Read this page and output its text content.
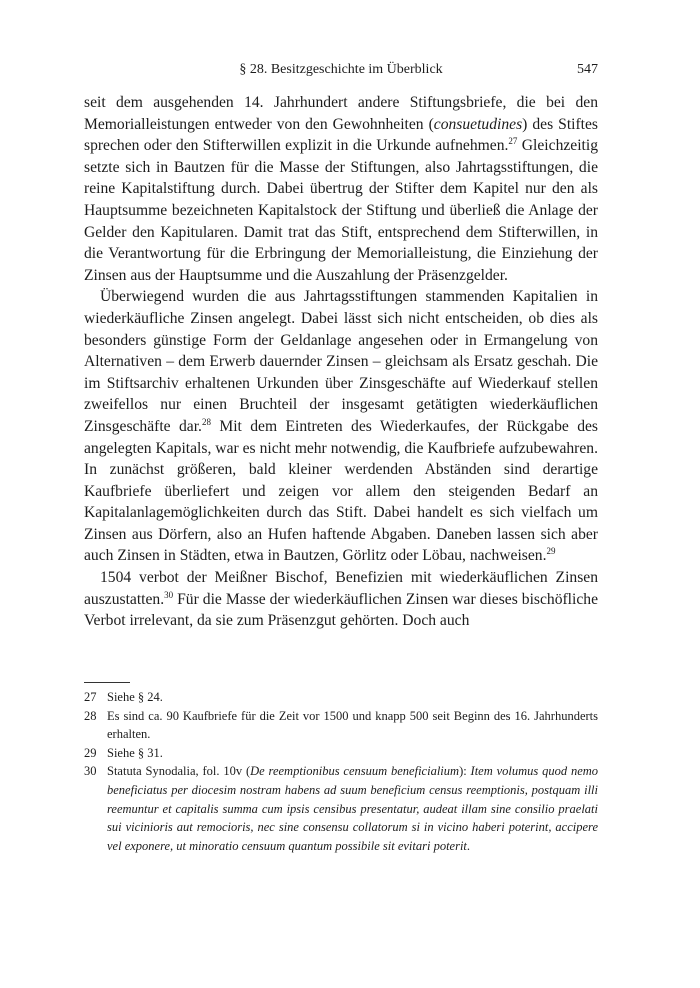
§ 28. Besitzgeschichte im Überblick	547

seit dem ausgehenden 14. Jahrhundert andere Stiftungsbriefe, die bei den Memorialleistungen entweder von den Gewohnheiten (consuetudines) des Stiftes sprechen oder den Stifterwillen explizit in die Urkunde aufnehmen.$^{27}$ Gleichzeitig setzte sich in Bautzen für die Masse der Stiftungen, also Jahrtagsstiftungen, die reine Kapitalstiftung durch. Dabei übertrug der Stifter dem Kapitel nur den als Hauptsumme bezeichneten Kapitalstock der Stiftung und überließ die Anlage der Gelder den Kapitularen. Damit trat das Stift, entsprechend dem Stifterwillen, in die Verantwortung für die Erbringung der Memorialleistung, die Einziehung der Zinsen aus der Hauptsumme und die Auszahlung der Präsenzgelder.

Überwiegend wurden die aus Jahrtagsstiftungen stammenden Kapitalien in wiederkäufliche Zinsen angelegt. Dabei lässt sich nicht entscheiden, ob dies als besonders günstige Form der Geldanlage angesehen oder in Ermangelung von Alternativen – dem Erwerb dauernder Zinsen – gleichsam als Ersatz geschah. Die im Stiftsarchiv erhaltenen Urkunden über Zinsgeschäfte auf Wiederkauf stellen zweifellos nur einen Bruchteil der insgesamt getätigten wiederkäuflichen Zinsgeschäfte dar.$^{28}$ Mit dem Eintreten des Wiederkaufes, der Rückgabe des angelegten Kapitals, war es nicht mehr notwendig, die Kaufbriefe aufzubewahren. In zunächst größeren, bald kleiner werdenden Abständen sind derartige Kaufbriefe überliefert und zeigen vor allem den steigenden Bedarf an Kapitalanlagemöglichkeiten durch das Stift. Dabei handelt es sich vielfach um Zinsen aus Dörfern, also an Hufen haftende Abgaben. Daneben lassen sich aber auch Zinsen in Städten, etwa in Bautzen, Görlitz oder Löbau, nachweisen.$^{29}$

1504 verbot der Meißner Bischof, Benefizien mit wiederkäuflichen Zinsen auszustatten.$^{30}$ Für die Masse der wiederkäuflichen Zinsen war dieses bischöfliche Verbot irrelevant, da sie zum Präsenzgut gehörten. Doch auch

27 Siehe § 24.
28 Es sind ca. 90 Kaufbriefe für die Zeit vor 1500 und knapp 500 seit Beginn des 16. Jahrhunderts erhalten.
29 Siehe § 31.
30 Statuta Synodalia, fol. 10v (De reemptionibus censuum beneficialium): Item volumus quod nemo beneficiatus per diocesim nostram habens ad suum beneficium census reemptionis, postquam illi reemuntur et capitalis summa cum ipsis censibus presentatur, audeat illam sine consilio praelati sui vicinioris aut remocioris, nec sine consensu collatorum si in vicino haberi poterint, accipere vel exponere, ut minoratio censuum quantum possibile sit evitari poterit.
